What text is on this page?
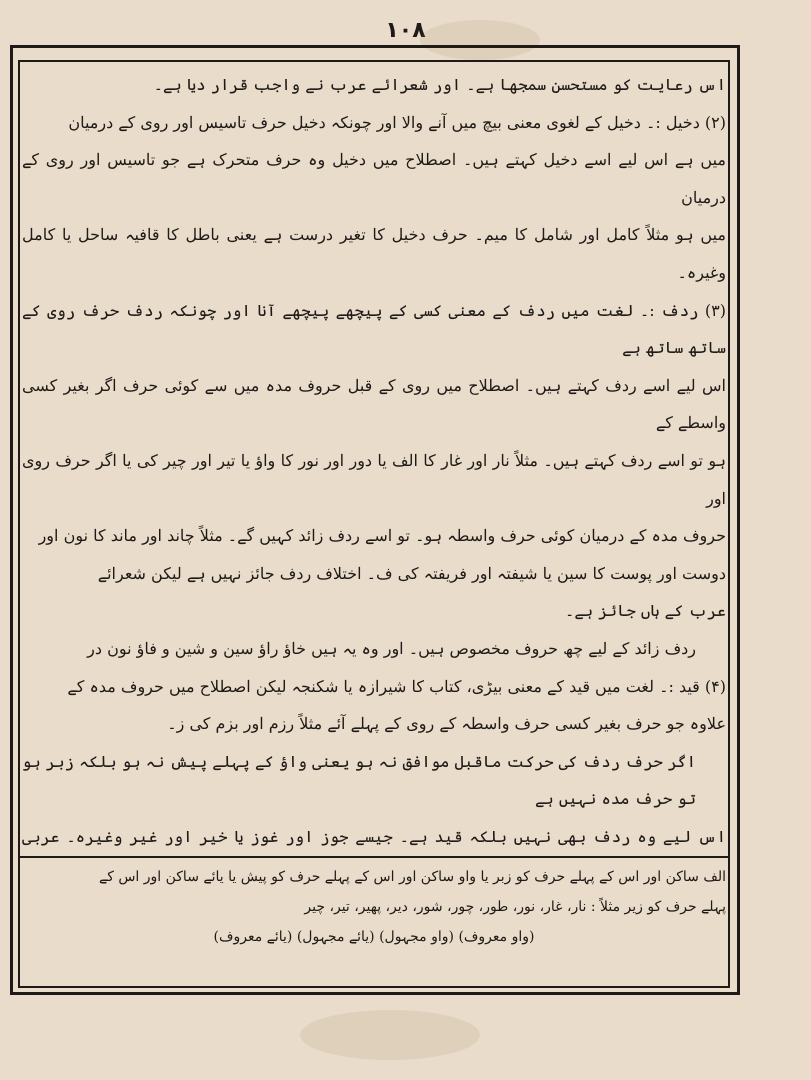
۱۰۸

اس رعایت کو مستحسن سمجھا ہے۔ اور شعرائے عرب نے واجب قرار دیا ہے۔

(۲) دخیل :۔ دخیل کے لغوی معنی بیچ میں آنے والا اور چونکہ دخیل حرف تاسیس اور روی کے درمیان

میں ہے اس لیے اسے دخیل کہتے ہیں۔ اصطلاح میں دخیل وہ حرف متحرک ہے جو تاسیس اور روی کے درمیان

میں ہو مثلاً کامل اور شامل کا میم۔ حرف دخیل کا تغیر درست ہے یعنی باطل کا قافیہ ساحل یا کامل وغیرہ۔

(۳) ردف :۔ لغت میں ردف کے معنی کسی کے پیچھے پیچھے آنا اور چونکہ ردف حرف روی کے ساتھ ساتھ ہے

اس لیے اسے ردف کہتے ہیں۔ اصطلاح میں روی کے قبل حروف مدہ میں سے کوئی حرف اگر بغیر کسی واسطے کے

ہو تو اسے ردف کہتے ہیں۔ مثلاً نار اور غار کا الف یا دور اور نور کا واؤ یا تیر اور چیر کی یا اگر حرف روی اور

حروف مدہ کے درمیان کوئی حرف واسطہ ہو۔ تو اسے ردف زائد کہیں گے۔ مثلاً چاند اور ماند کا نون اور

دوست اور پوست کا سین یا شیفتہ اور فریفتہ کی ف۔ اختلاف ردف جائز نہیں ہے لیکن شعرائے

عرب کے ہاں جائز ہے۔

ردف زائد کے لیے چھ حروف مخصوص ہیں۔ اور وہ یہ ہیں خاؤ راؤ سین و شین و فاؤ نون در

(۴) قید :۔ لغت میں قید کے معنی بیڑی، کتاب کا شیرازہ یا شکنجہ لیکن اصطلاح میں حروف مدہ کے

علاوہ جو حرف بغیر کسی حرف واسطہ کے روی کے پہلے آئے مثلاً رزم اور بزم کی ز۔

اگر حرف ردف کی حرکت ماقبل موافق نہ ہو یعنی واؤ کے پہلے پیش نہ ہو بلکہ زبر ہو تو حرف مدہ نہیں ہے

اس لیے وہ ردف بھی نہیں بلکہ قید ہے۔ جیسے جوز اور غوز یا خیر اور غیر وغیرہ۔ عربی

الف ساکن اور اس کے پہلے حرف کو زبر یا واو ساکن اور اس کے پہلے حرف کو پیش یا یائے ساکن اور اس کے

پہلے حرف کو زیر مثلاً : نار، غار، نور، طور، چور، شور، دیر، پھیر، تیر، چیر

(واو معروف) (واو مجہول) (یائے مجہول) (یائے معروف)
